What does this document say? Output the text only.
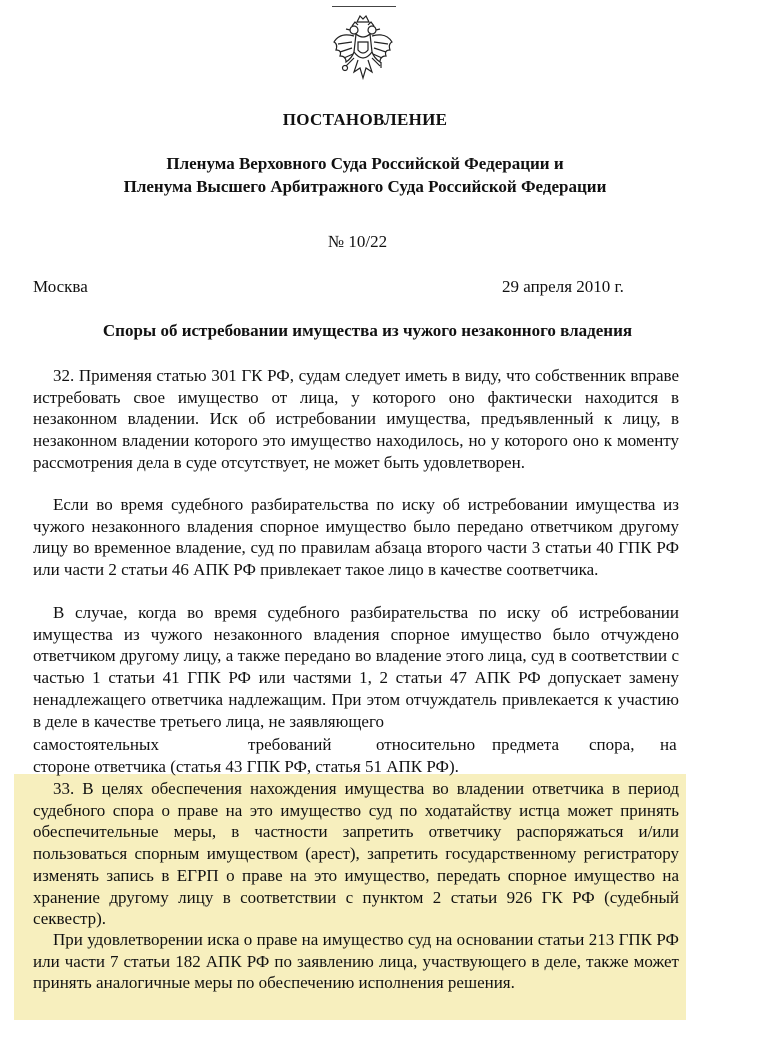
ПОСТАНОВЛЕНИЕ
Пленума Верховного Суда Российской Федерации и
Пленума Высшего Арбитражного Суда Российской Федерации
№ 10/22
Москва	29 апреля 2010 г.
Споры об истребовании имущества из чужого незаконного владения
32. Применяя статью 301 ГК РФ, судам следует иметь в виду, что собственник вправе истребовать свое имущество от лица, у которого оно фактически находится в незаконном владении. Иск об истребовании имущества, предъявленный к лицу, в незаконном владении которого это имущество находилось, но у которого оно к моменту рассмотрения дела в суде отсутствует, не может быть удовлетворен.
Если во время судебного разбирательства по иску об истребовании имущества из чужого незаконного владения спорное имущество было передано ответчиком другому лицу во временное владение, суд по правилам абзаца второго части 3 статьи 40 ГПК РФ или части 2 статьи 46 АПК РФ привлекает такое лицо в качестве соответчика.
В случае, когда во время судебного разбирательства по иску об истребовании имущества из чужого незаконного владения спорное имущество было отчуждено ответчиком другому лицу, а также передано во владение этого лица, суд в соответствии с частью 1 статьи 41 ГПК РФ или частями 1, 2 статьи 47 АПК РФ допускает замену ненадлежащего ответчика надлежащим. При этом отчуждатель привлекается к участию в деле в качестве третьего лица, не заявляющего
самостоятельных	требований	относительно предмета спора, на
стороне ответчика (статья 43 ГПК РФ, статья 51 АПК РФ).
33. В целях обеспечения нахождения имущества во владении ответчика в период судебного спора о праве на это имущество суд по ходатайству истца может принять обеспечительные меры, в частности запретить ответчику распоряжаться и/или пользоваться спорным имуществом (арест), запретить государственному регистратору изменять запись в ЕГРП о праве на это имущество, передать спорное имущество на хранение другому лицу в соответствии с пунктом 2 статьи 926 ГК РФ (судебный секвестр).
При удовлетворении иска о праве на имущество суд на основании статьи 213 ГПК РФ или части 7 статьи 182 АПК РФ по заявлению лица, участвующего в деле, также может принять аналогичные меры по обеспечению исполнения решения.
